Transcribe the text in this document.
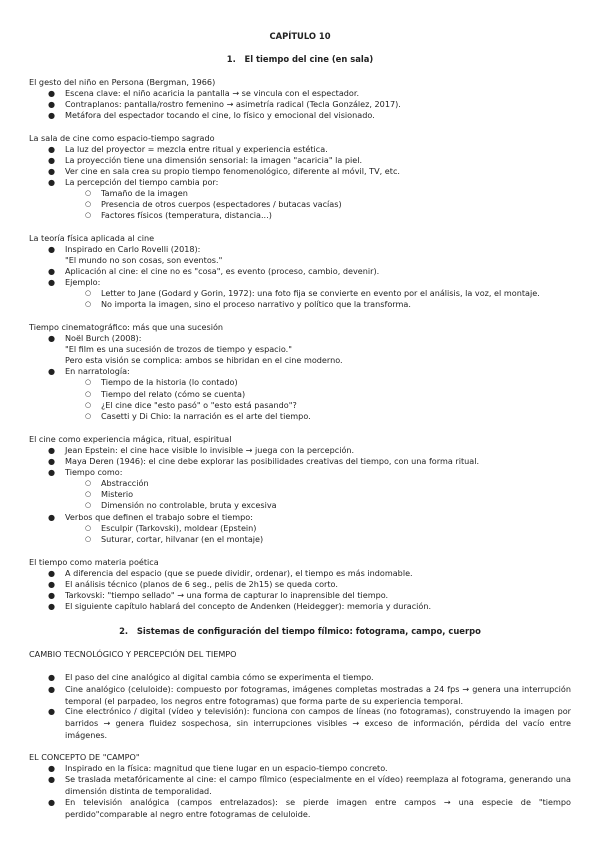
CAPÍTULO 10
1. El tiempo del cine (en sala)
El gesto del niño en Persona (Bergman, 1966)
● Escena clave: el niño acaricia la pantalla → se vincula con el espectador.
● Contraplanos: pantalla/rostro femenino → asimetría radical (Tecla González, 2017).
● Metáfora del espectador tocando el cine, lo físico y emocional del visionado.
La sala de cine como espacio-tiempo sagrado
● La luz del proyector = mezcla entre ritual y experiencia estética.
● La proyección tiene una dimensión sensorial: la imagen "acaricia" la piel.
● Ver cine en sala crea su propio tiempo fenomenológico, diferente al móvil, TV, etc.
● La percepción del tiempo cambia por:
○ Tamaño de la imagen
○ Presencia de otros cuerpos (espectadores / butacas vacías)
○ Factores físicos (temperatura, distancia...)
La teoría física aplicada al cine
● Inspirado en Carlo Rovelli (2018):
"El mundo no son cosas, son eventos."
● Aplicación al cine: el cine no es "cosa", es evento (proceso, cambio, devenir).
● Ejemplo:
○ Letter to Jane (Godard y Gorin, 1972): una foto fija se convierte en evento por el análisis, la voz, el montaje.
○ No importa la imagen, sino el proceso narrativo y político que la transforma.
Tiempo cinematográfico: más que una sucesión
● Noël Burch (2008):
"El film es una sucesión de trozos de tiempo y espacio."
Pero esta visión se complica: ambos se hibridan en el cine moderno.
● En narratología:
○ Tiempo de la historia (lo contado)
○ Tiempo del relato (cómo se cuenta)
○ ¿El cine dice "esto pasó" o "esto está pasando"?
○ Casetti y Di Chio: la narración es el arte del tiempo.
El cine como experiencia mágica, ritual, espiritual
● Jean Epstein: el cine hace visible lo invisible → juega con la percepción.
● Maya Deren (1946): el cine debe explorar las posibilidades creativas del tiempo, con una forma ritual.
● Tiempo como:
○ Abstracción
○ Misterio
○ Dimensión no controlable, bruta y excesiva
● Verbos que definen el trabajo sobre el tiempo:
○ Esculpir (Tarkovski), moldear (Epstein)
○ Suturar, cortar, hilvanar (en el montaje)
El tiempo como materia poética
● A diferencia del espacio (que se puede dividir, ordenar), el tiempo es más indomable.
● El análisis técnico (planos de 6 seg., pelis de 2h15) se queda corto.
● Tarkovski: "tiempo sellado" → una forma de capturar lo inaprensible del tiempo.
● El siguiente capítulo hablará del concepto de Andenken (Heidegger): memoria y duración.
2. Sistemas de configuración del tiempo fílmico: fotograma, campo, cuerpo
CAMBIO TECNOLÓGICO Y PERCEPCIÓN DEL TIEMPO
● El paso del cine analógico al digital cambia cómo se experimenta el tiempo.
● Cine analógico (celuloide): compuesto por fotogramas, imágenes completas mostradas a 24 fps → genera una interrupción temporal (el parpadeo, los negros entre fotogramas) que forma parte de su experiencia temporal.
● Cine electrónico / digital (vídeo y televisión): funciona con campos de líneas (no fotogramas), construyendo la imagen por barridos → genera fluidez sospechosa, sin interrupciones visibles → exceso de información, pérdida del vacío entre imágenes.
EL CONCEPTO DE "CAMPO"
● Inspirado en la física: magnitud que tiene lugar en un espacio-tiempo concreto.
● Se traslada metafóricamente al cine: el campo fílmico (especialmente en el vídeo) reemplaza al fotograma, generando una dimensión distinta de temporalidad.
● En televisión analógica (campos entrelazados): se pierde imagen entre campos → una especie de "tiempo perdido"comparable al negro entre fotogramas de celuloide.
